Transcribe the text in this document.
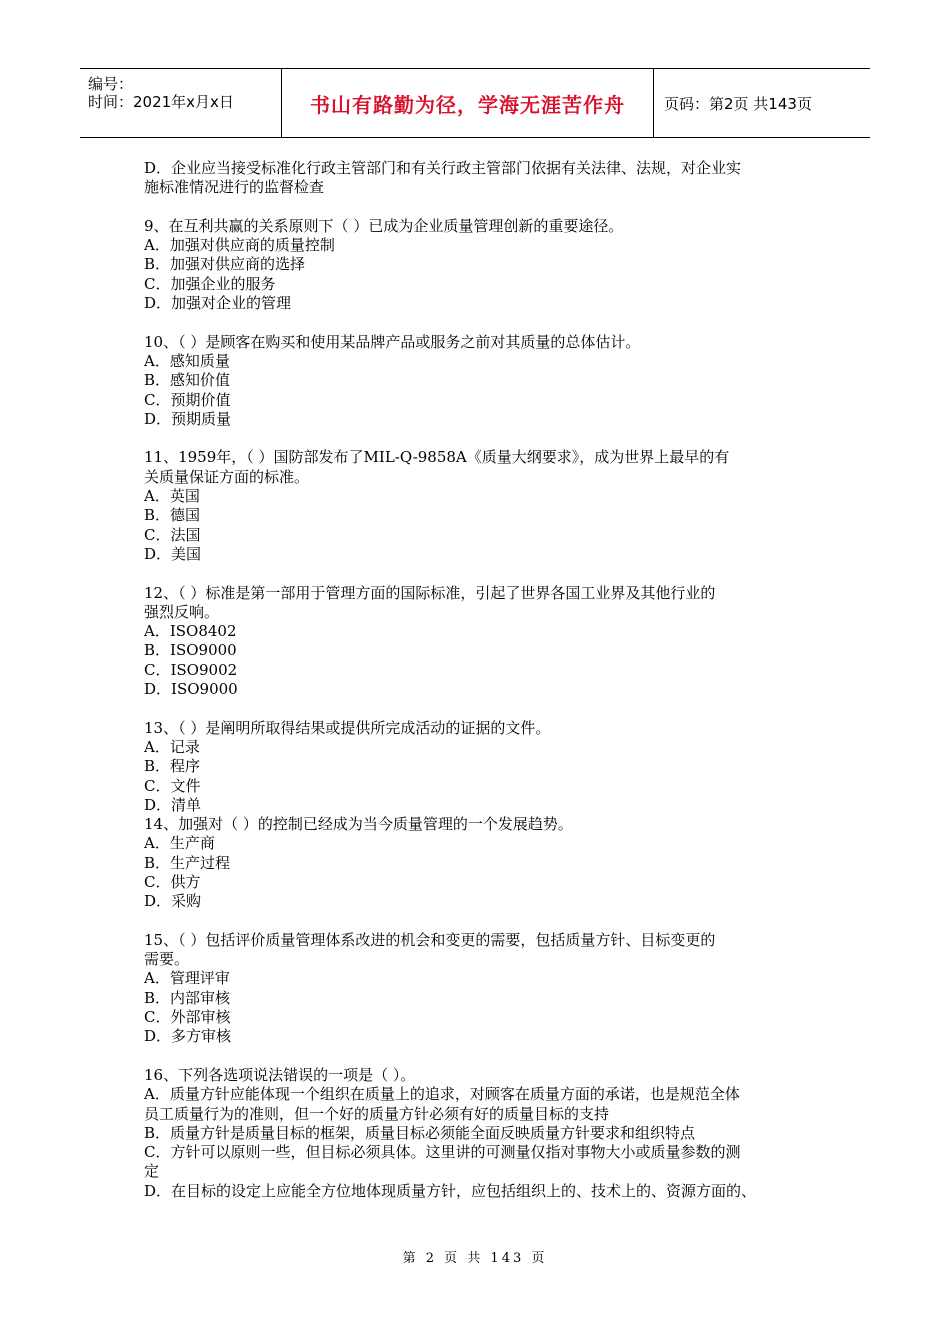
编号：
时间：2021年x月x日	书山有路勤为径，学海无涯苦作舟	页码：第2页 共143页
D．企业应当接受标准化行政主管部门和有关行政主管部门依据有关法律、法规，对企业实
施标准情况进行的监督检查
9、在互利共赢的关系原则下（ ）已成为企业质量管理创新的重要途径。
A．加强对供应商的质量控制
B．加强对供应商的选择
C．加强企业的服务
D．加强对企业的管理
10、（ ）是顾客在购买和使用某品牌产品或服务之前对其质量的总体估计。
A．感知质量
B．感知价值
C．预期价值
D．预期质量
11、1959年，（ ）国防部发布了MIL-Q-9858A《质量大纲要求》，成为世界上最早的有
关质量保证方面的标准。
A．英国
B．德国
C．法国
D．美国
12、（ ）标准是第一部用于管理方面的国际标准，引起了世界各国工业界及其他行业的
强烈反响。
A．ISO8402
B．ISO9000
C．ISO9002
D．ISO9000
13、（ ）是阐明所取得结果或提供所完成活动的证据的文件。
A．记录
B．程序
C．文件
D．清单
14、加强对（ ）的控制已经成为当今质量管理的一个发展趋势。
A．生产商
B．生产过程
C．供方
D．采购
15、（ ）包括评价质量管理体系改进的机会和变更的需要，包括质量方针、目标变更的
需要。
A．管理评审
B．内部审核
C．外部审核
D．多方审核
16、下列各选项说法错误的一项是（ ）。
A．质量方针应能体现一个组织在质量上的追求，对顾客在质量方面的承诺，也是规范全体
员工质量行为的准则，但一个好的质量方针必须有好的质量目标的支持
B．质量方针是质量目标的框架，质量目标必须能全面反映质量方针要求和组织特点
C．方针可以原则一些，但目标必须具体。这里讲的可测量仅指对事物大小或质量参数的测
定
D．在目标的设定上应能全方位地体现质量方针，应包括组织上的、技术上的、资源方面的、
第 2 页 共 143 页
